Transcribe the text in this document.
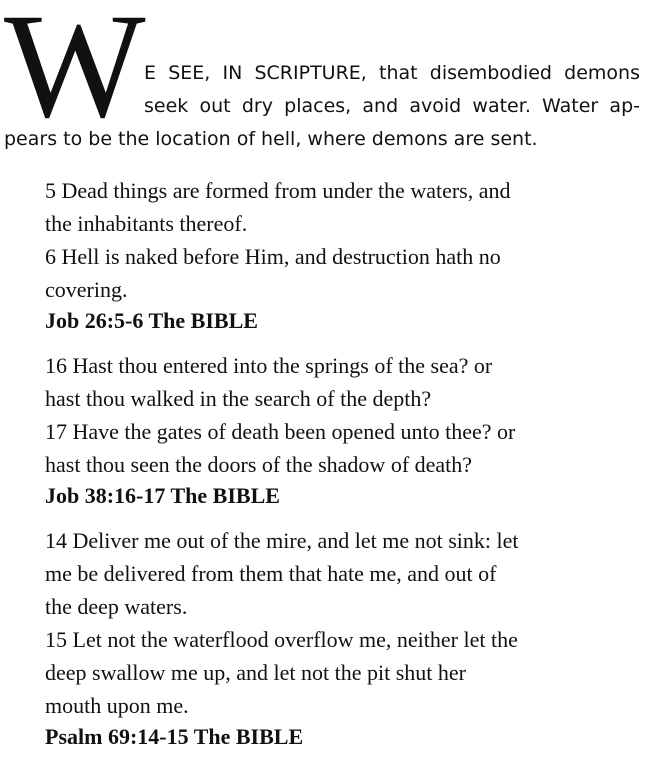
W
E SEE, IN SCRIPTURE, that disembodied demons
seek out dry places, and avoid water. Water ap-
pears to be the location of hell, where demons are sent.
5 Dead things are formed from under the waters, and
the inhabitants thereof.
6 Hell is naked before Him, and destruction hath no
covering.
Job 26:5-6 The BIBLE
16 Hast thou entered into the springs of the sea? or
hast thou walked in the search of the depth?
17 Have the gates of death been opened unto thee? or
hast thou seen the doors of the shadow of death?
Job 38:16-17 The BIBLE
14 Deliver me out of the mire, and let me not sink: let
me be delivered from them that hate me, and out of
the deep waters.
15 Let not the waterflood overflow me, neither let the
deep swallow me up, and let not the pit shut her
mouth upon me.
Psalm 69:14-15 The BIBLE
